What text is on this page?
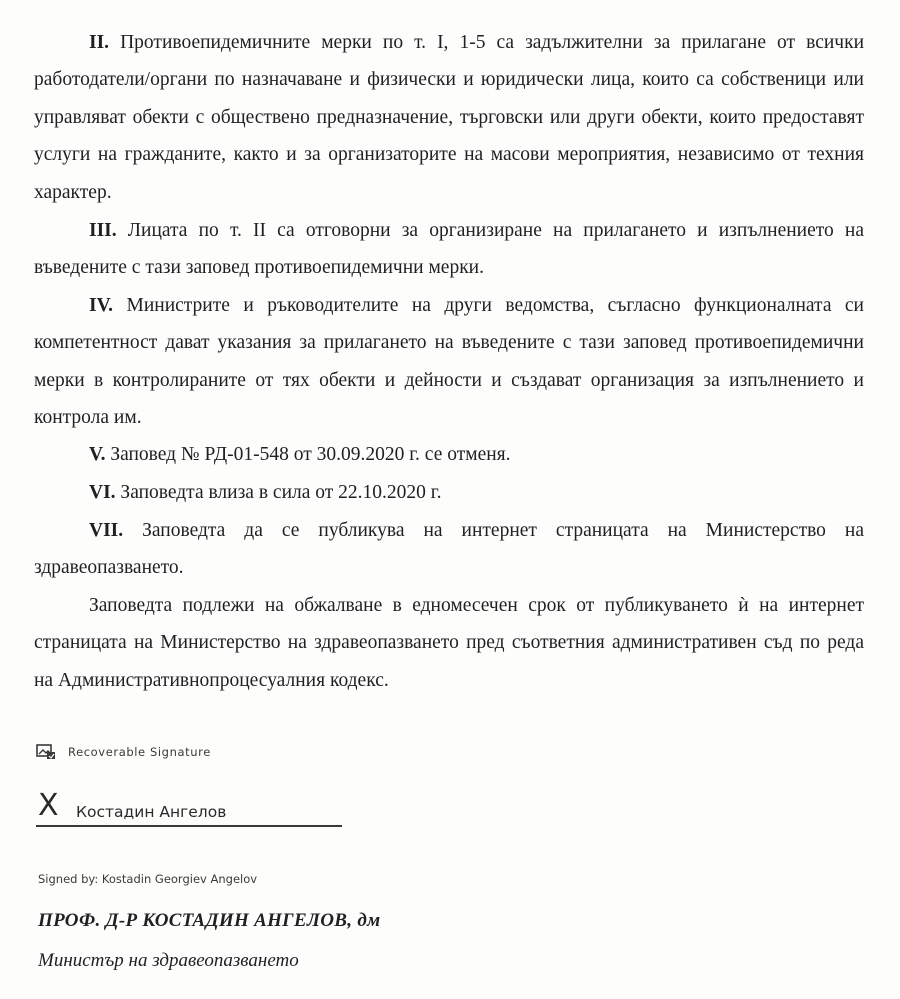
II. Противоепидемичните мерки по т. I, 1-5 са задължителни за прилагане от всички работодатели/органи по назначаване и физически и юридически лица, които са собственици или управляват обекти с обществено предназначение, търговски или други обекти, които предоставят услуги на гражданите, както и за организаторите на масови мероприятия, независимо от техния характер.

III. Лицата по т. II са отговорни за организиране на прилагането и изпълнението на въведените с тази заповед противоепидемични мерки.

IV. Министрите и ръководителите на други ведомства, съгласно функционалната си компетентност дават указания за прилагането на въведените с тази заповед противоепидемични мерки в контролираните от тях обекти и дейности и създават организация за изпълнението и контрола им.

V. Заповед № РД-01-548 от 30.09.2020 г. се отменя.

VI. Заповедта влиза в сила от 22.10.2020 г.

VII. Заповедта да се публикува на интернет страницата на Министерство на здравеопазването.

Заповедта подлежи на обжалване в едномесечен срок от публикуването ѝ на интернет страницата на Министерство на здравеопазването пред съответния административен съд по реда на Административнопроцесуалния кодекс.

Recoverable Signature
X Костадин Ангелов
Signed by: Kostadin Georgiev Angelov
ПРОФ. Д-Р КОСТАДИН АНГЕЛОВ, дм
Министър на здравеопазването
